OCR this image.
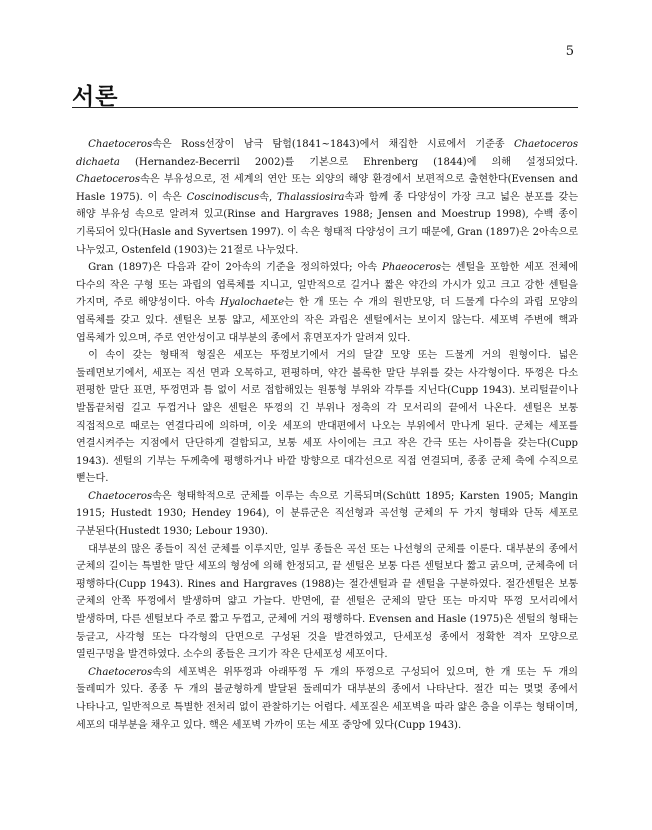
5
서론

Chaetoceros속은 Ross선장이 남극 탐험(1841~1843)에서 채집한 시료에서 기준종 Chaetoceros dichaeta (Hernandez-Becerril 2002)를 기본으로 Ehrenberg (1844)에 의해 설정되었다. Chaetoceros속은 부유성으로, 전 세계의 연안 또는 외양의 해양 환경에서 보편적으로 출현한다(Evensen and Hasle 1975). 이 속은 Coscinodiscus속, Thalassiosira속과 함께 종 다양성이 가장 크고 넓은 분포를 갖는 해양 부유성 속으로 알려져 있고(Rinse and Hargraves 1988; Jensen and Moestrup 1998), 수백 종이 기록되어 있다(Hasle and Syvertsen 1997). 이 속은 형태적 다양성이 크기 때문에, Gran (1897)은 2아속으로 나누었고, Ostenfeld (1903)는 21절로 나누었다.

Gran (1897)은 다음과 같이 2아속의 기준을 정의하였다; 아속 Phaeoceros는 센털을 포함한 세포 전체에 다수의 작은 구형 또는 과립의 엽록체를 지니고, 일반적으로 길거나 짧은 약간의 가시가 있고 크고 강한 센털을 가지며, 주로 해양성이다. 아속 Hyalochaete는 한 개 또는 수 개의 원반모양, 더 드물게 다수의 과립 모양의 엽록체를 갖고 있다. 센털은 보통 얇고, 세포안의 작은 과립은 센털에서는 보이지 않는다. 세포벽 주변에 핵과 엽록체가 있으며, 주로 연안성이고 대부분의 종에서 휴면포자가 알려져 있다.

이 속이 갖는 형태적 형질은 세포는 뚜껑보기에서 거의 달걀 모양 또는 드물게 거의 원형이다. 넓은 둘레면보기에서, 세포는 직선 면과 오목하고, 편평하며, 약간 볼록한 말단 부위를 갖는 사각형이다. 뚜껑은 다소 편평한 말단 표면, 뚜껑면과 틈 없이 서로 접합해있는 원통형 부위와 각투를 지닌다(Cupp 1943). 보리털끝이나 발톱끝처럼 길고 두껍거나 얇은 센털은 뚜껑의 긴 부위나 정축의 각 모서리의 끝에서 나온다. 센털은 보통 직접적으로 때로는 연결다리에 의하며, 이웃 세포의 반대편에서 나오는 부위에서 만나게 된다. 군체는 세포를 연결시켜주는 지점에서 단단하게 결합되고, 보통 세포 사이에는 크고 작은 간극 또는 사이틈을 갖는다(Cupp 1943). 센털의 기부는 두께축에 평행하거나 바깥 방향으로 대각선으로 직접 연결되며, 종종 군체 축에 수직으로 뻗는다.

Chaetoceros속은 형태학적으로 군체를 이루는 속으로 기록되며(Schütt 1895; Karsten 1905; Mangin 1915; Hustedt 1930; Hendey 1964), 이 분류군은 직선형과 곡선형 군체의 두 가지 형태와 단독 세포로 구분된다(Hustedt 1930; Lebour 1930).

대부분의 많은 종들이 직선 군체를 이루지만, 일부 종들은 곡선 또는 나선형의 군체를 이룬다. 대부분의 종에서 군체의 길이는 특별한 말단 세포의 형성에 의해 한정되고, 끝 센털은 보통 다른 센털보다 짧고 굵으며, 군체축에 더 평행하다(Cupp 1943). Rines and Hargraves (1988)는 절간센털과 끝 센털을 구분하였다. 절간센털은 보통 군체의 안쪽 뚜껑에서 발생하며 얇고 가늘다. 반면에, 끝 센털은 군체의 말단 또는 마지막 뚜껑 모서리에서 발생하며, 다른 센털보다 주로 짧고 두껍고, 군체에 거의 평행하다. Evensen and Hasle (1975)은 센털의 형태는 둥글고, 사각형 또는 다각형의 단면으로 구성된 것을 발견하였고, 단세포성 종에서 정확한 격자 모양으로 열린구멍을 발견하였다. 소수의 종들은 크기가 작은 단세포성 세포이다.

Chaetoceros속의 세포벽은 위뚜껑과 아래뚜껑 두 개의 뚜껑으로 구성되어 있으며, 한 개 또는 두 개의 둘레띠가 있다. 종종 두 개의 불균형하게 발달된 둘레띠가 대부분의 종에서 나타난다. 절간 띠는 몇몇 종에서 나타나고, 일반적으로 특별한 전처리 없이 관찰하기는 어렵다. 세포질은 세포벽을 따라 얇은 층을 이루는 형태이며, 세포의 대부분을 채우고 있다. 핵은 세포벽 가까이 또는 세포 중앙에 있다(Cupp 1943).
